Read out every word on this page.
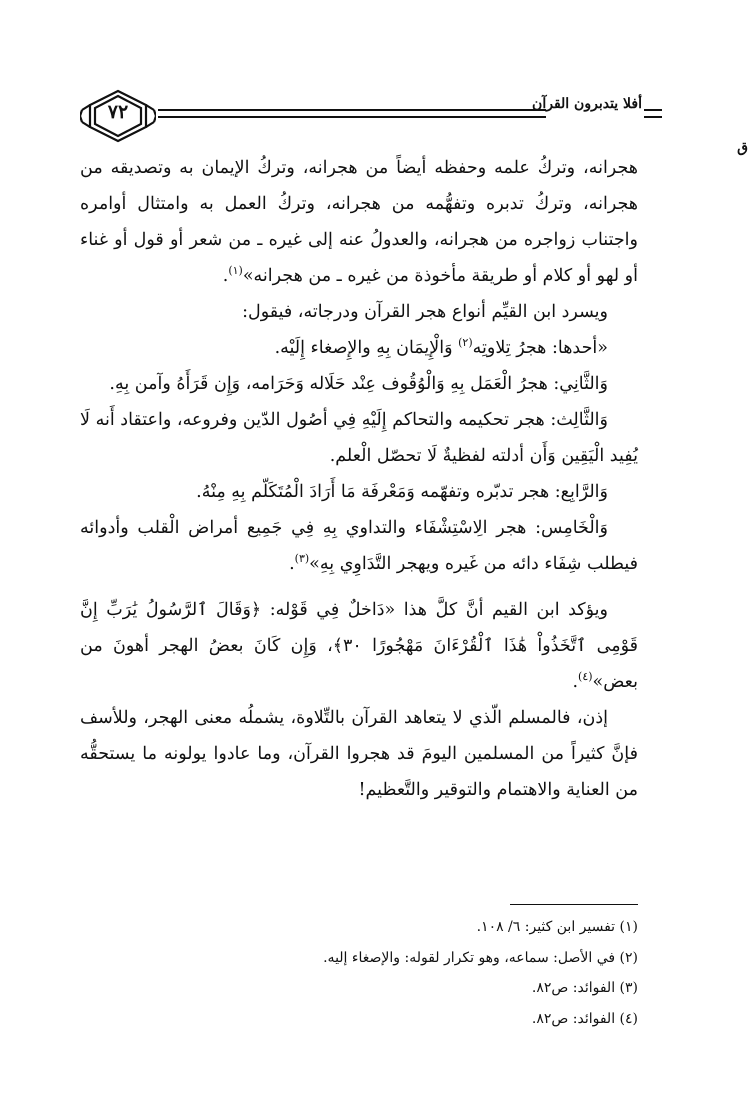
٧٢	أفلا يتدبرون القرآن
ق

هجرانه، وتركُ علمه وحفظه أيضاً من هجرانه، وتركُ الإيمان به وتصديقه من هجرانه، وتركُ تدبره وتفهُّمه من هجرانه، وتركُ العمل به وامتثال أوامره واجتناب زواجره من هجرانه، والعدولُ عنه إلى غيره ـ من شعر أو قول أو غناء أو لهو أو كلام أو طريقة مأخوذة من غيره ـ من هجرانه»$^{(١)}$.

ويسرد ابن القيِّم أنواع هجر القرآن ودرجاته، فيقول:

«أحدها: هجرُ تِلاوتِه$^{(٢)}$ وَالْإِيمَان بِهِ والإِصغاء إِلَيْه.

وَالثَّانِي: هجرُ الْعَمَل بِهِ وَالْوُقُوف عِنْد حَلَاله وَحَرَامه، وَإِن قَرَأَهُ وآمن بِهِ.

وَالثَّالِث: هجر تحكيمه والتحاكم إِلَيْهِ فِي أصُول الدّين وفروعه، واعتقاد أَنه لَا يُفِيد الْيَقِين وَأَن أدلته لفظيةٌ لَا تحصّل الْعلم.

وَالرَّابِع: هجر تدبّره وتفهّمه وَمَعْرفَة مَا أَرَادَ الْمُتَكَلّم بِهِ مِنْهُ.

وَالْخَامِس: هجر الِاسْتِشْفَاء والتداوي بِهِ فِي جَمِيع أمراض الْقلب وأدوائه فيطلب شِفَاء دائه من غَيره ويهجر التَّدَاوِي بِهِ»$^{(٣)}$.

ويؤكد ابن القيم أنَّ كلَّ هذا «دَاخلٌ فِي قَوْله: ﴿وَقَالَ ٱلرَّسُولُ يَٰرَبِّ إِنَّ قَوْمِى ٱتَّخَذُواْ هَٰذَا ٱلْقُرْءَانَ مَهْجُورًا ٣٠﴾، وَإِن كَانَ بعضُ الهجر أهونَ من بعض»$^{(٤)}$.

إذن، فالمسلم الّذي لا يتعاهد القرآن بالتِّلاوة، يشملُه معنى الهجر، وللأسف فإنَّ كثيراً من المسلمين اليومَ قد هجروا القرآن، وما عادوا يولونه ما يستحقُّه من العناية والاهتمام والتوقير والتَّعظيم!

(١) تفسير ابن كثير: ٦/ ١٠٨.
(٢) في الأصل: سماعه، وهو تكرار لقوله: والإصغاء إليه.
(٣) الفوائد: ص٨٢.
(٤) الفوائد: ص٨٢.
